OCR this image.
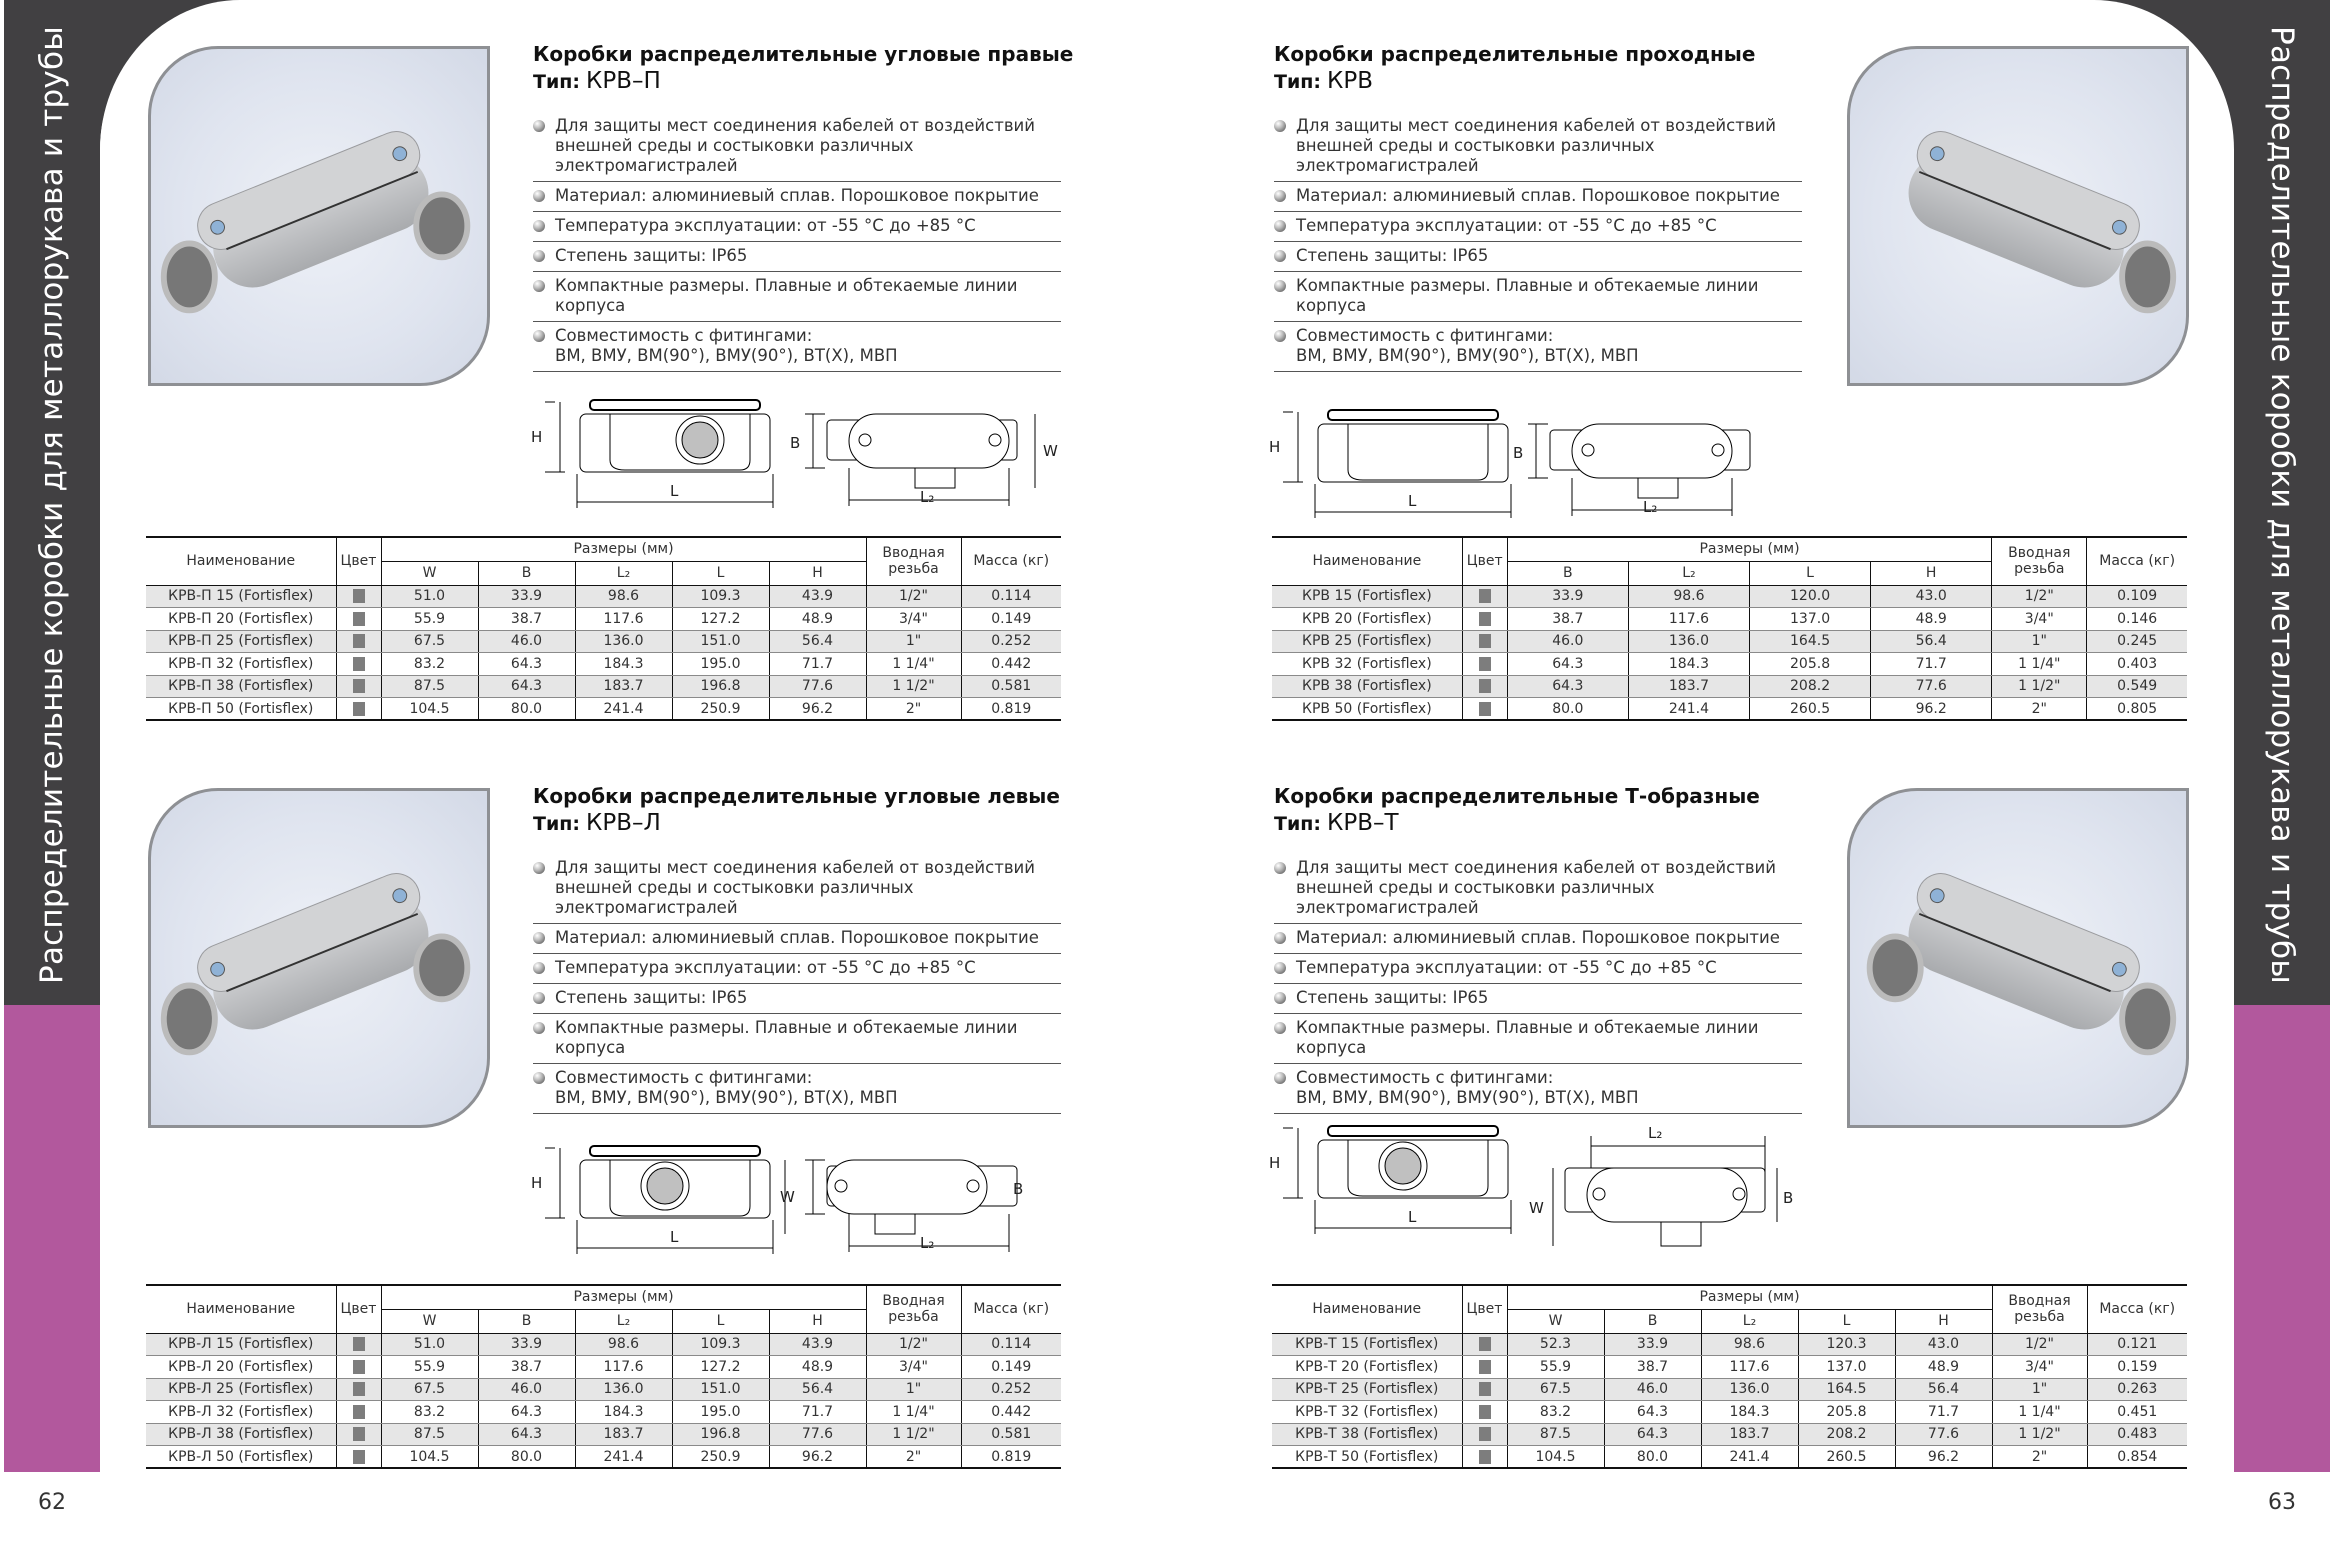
Распределительные коробки для металлорукава и трубы	Распределительные коробки для металлорукава и трубы
62	63
Коробки распределительные угловые правые
Тип: КРВ–П
Для защиты мест соединения кабелей от воздействий внешней среды и состыковки различных электромагистралей
Материал: алюминиевый сплав. Порошковое покрытие
Температура эксплуатации: от -55 °C до +85 °C
Степень защиты: IP65
Компактные размеры. Плавные и обтекаемые линии корпуса
Совместимость с фитингами:
ВМ, ВМУ, ВМ(90°), ВМУ(90°), ВТ(Х), МВП
H
L
B
L₂
W
Наименование	Цвет	Размеры (мм)					Вводная
резьба	Масса (кг)
		W	B	L₂	L	H		
КРВ-П 15 (Fortisflex)		51.0	33.9	98.6	109.3	43.9	1/2"	0.114
КРВ-П 20 (Fortisflex)		55.9	38.7	117.6	127.2	48.9	3/4"	0.149
КРВ-П 25 (Fortisflex)		67.5	46.0	136.0	151.0	56.4	1"	0.252
КРВ-П 32 (Fortisflex)		83.2	64.3	184.3	195.0	71.7	1 1/4"	0.442
КРВ-П 38 (Fortisflex)		87.5	64.3	183.7	196.8	77.6	1 1/2"	0.581
КРВ-П 50 (Fortisflex)		104.5	80.0	241.4	250.9	96.2	2"	0.819
Коробки распределительные проходные
Тип: КРВ
Для защиты мест соединения кабелей от воздействий внешней среды и состыковки различных электромагистралей
Материал: алюминиевый сплав. Порошковое покрытие
Температура эксплуатации: от -55 °C до +85 °C
Степень защиты: IP65
Компактные размеры. Плавные и обтекаемые линии корпуса
Совместимость с фитингами:
ВМ, ВМУ, ВМ(90°), ВМУ(90°), ВТ(Х), МВП
H
L
B
L₂
Наименование	Цвет	Размеры (мм)				Вводная
резьба	Масса (кг)
		B	L₂	L	H		
КРВ 15 (Fortisflex)		33.9	98.6	120.0	43.0	1/2"	0.109
КРВ 20 (Fortisflex)		38.7	117.6	137.0	48.9	3/4"	0.146
КРВ 25 (Fortisflex)		46.0	136.0	164.5	56.4	1"	0.245
КРВ 32 (Fortisflex)		64.3	184.3	205.8	71.7	1 1/4"	0.403
КРВ 38 (Fortisflex)		64.3	183.7	208.2	77.6	1 1/2"	0.549
КРВ 50 (Fortisflex)		80.0	241.4	260.5	96.2	2"	0.805
Коробки распределительные угловые левые
Тип: КРВ–Л
Для защиты мест соединения кабелей от воздействий внешней среды и состыковки различных электромагистралей
Материал: алюминиевый сплав. Порошковое покрытие
Температура эксплуатации: от -55 °C до +85 °C
Степень защиты: IP65
Компактные размеры. Плавные и обтекаемые линии корпуса
Совместимость с фитингами:
ВМ, ВМУ, ВМ(90°), ВМУ(90°), ВТ(Х), МВП
H
L
B
L₂
W
Наименование	Цвет	Размеры (мм)					Вводная
резьба	Масса (кг)
		W	B	L₂	L	H		
КРВ-Л 15 (Fortisflex)		51.0	33.9	98.6	109.3	43.9	1/2"	0.114
КРВ-Л 20 (Fortisflex)		55.9	38.7	117.6	127.2	48.9	3/4"	0.149
КРВ-Л 25 (Fortisflex)		67.5	46.0	136.0	151.0	56.4	1"	0.252
КРВ-Л 32 (Fortisflex)		83.2	64.3	184.3	195.0	71.7	1 1/4"	0.442
КРВ-Л 38 (Fortisflex)		87.5	64.3	183.7	196.8	77.6	1 1/2"	0.581
КРВ-Л 50 (Fortisflex)		104.5	80.0	241.4	250.9	96.2	2"	0.819
Коробки распределительные Т-образные
Тип: КРВ–Т
Для защиты мест соединения кабелей от воздействий внешней среды и состыковки различных электромагистралей
Материал: алюминиевый сплав. Порошковое покрытие
Температура эксплуатации: от -55 °C до +85 °C
Степень защиты: IP65
Компактные размеры. Плавные и обтекаемые линии корпуса
Совместимость с фитингами:
ВМ, ВМУ, ВМ(90°), ВМУ(90°), ВТ(Х), МВП
H
L
L₂
W
B
Наименование	Цвет	Размеры (мм)					Вводная
резьба	Масса (кг)
		W	B	L₂	L	H		
КРВ-Т 15 (Fortisflex)		52.3	33.9	98.6	120.3	43.0	1/2"	0.121
КРВ-Т 20 (Fortisflex)		55.9	38.7	117.6	137.0	48.9	3/4"	0.159
КРВ-Т 25 (Fortisflex)		67.5	46.0	136.0	164.5	56.4	1"	0.263
КРВ-Т 32 (Fortisflex)		83.2	64.3	184.3	205.8	71.7	1 1/4"	0.451
КРВ-Т 38 (Fortisflex)		87.5	64.3	183.7	208.2	77.6	1 1/2"	0.483
КРВ-Т 50 (Fortisflex)		104.5	80.0	241.4	260.5	96.2	2"	0.854
